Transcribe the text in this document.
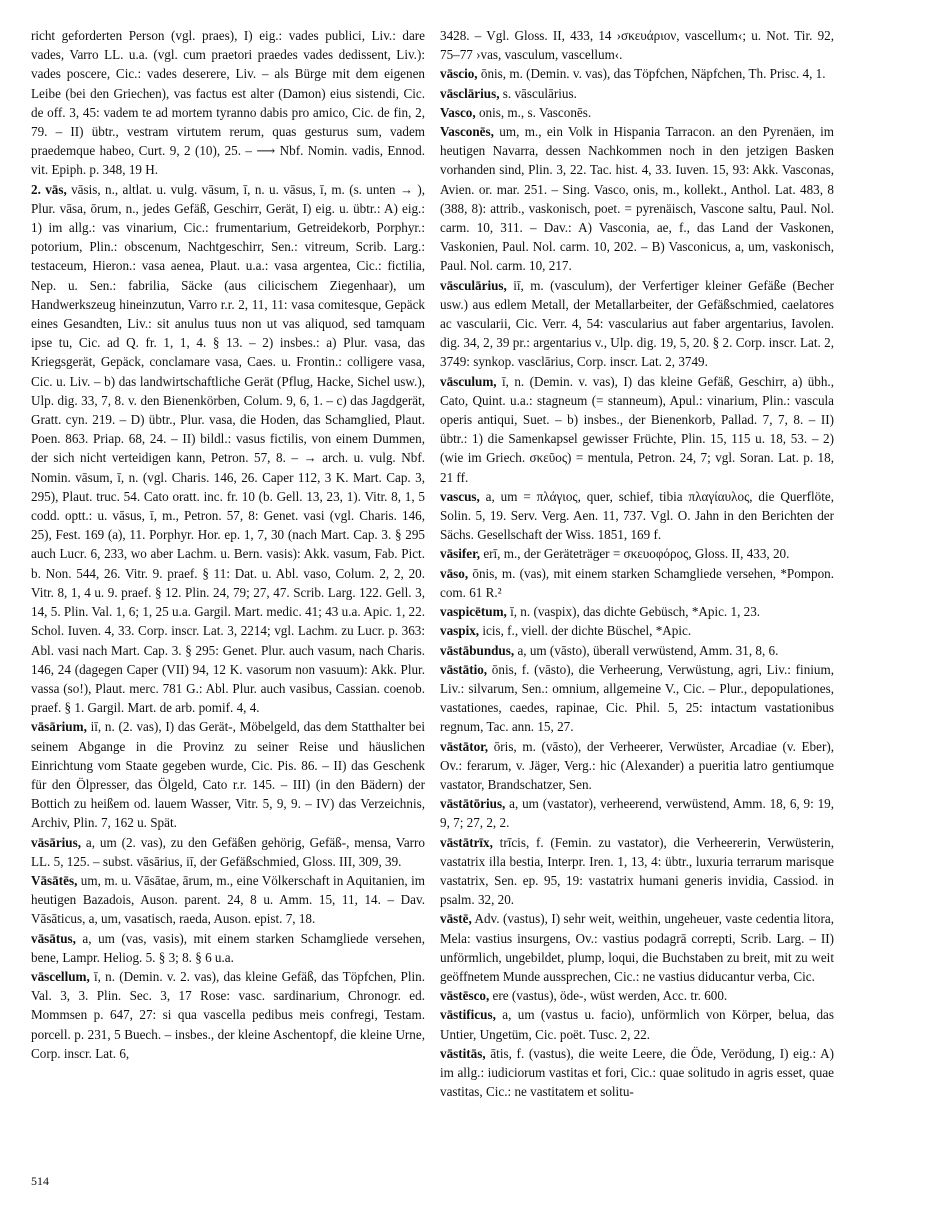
richt geforderten Person (vgl. praes), I) eig.: vades publici, Liv.: dare vades, Varro LL. u.a. (vgl. cum praetori praedes vades dedissent, Liv.): vades poscere, Cic.: vades deserere, Liv. – als Bürge mit dem eigenen Leibe (bei den Griechen), vas factus est alter (Damon) eius sistendi, Cic. de off. 3, 45: vadem te ad mortem tyranno dabis pro amico, Cic. de fin, 2, 79. – II) übtr., vestram virtutem rerum, quas gesturus sum, vadem praedemque habeo, Curt. 9, 2 (10), 25. – ⟶ Nbf. Nomin. vadis, Ennod. vit. Epiph. p. 348, 19 H.

2. vās, vāsis, n., altlat. u. vulg. vāsum, ī, n. u. vāsus, ī, m. (s. unten → ), Plur. vāsa, ōrum, n., jedes Gefäß, Geschirr, Gerät, I) eig. u. übtr.: A) eig.: 1) im allg.: vas vinarium, Cic.: frumentarium, Getreidekorb, Porphyr.: potorium, Plin.: obscenum, Nachtgeschirr, Sen.: vitreum, Scrib. Larg.: testaceum, Hieron.: vasa aenea, Plaut. u.a.: vasa argentea, Cic.: fictilia, Nep. u. Sen.: fabrilia, Säcke (aus cilicischem Ziegenhaar), um Handwerkszeug hineinzutun, Varro r.r. 2, 11, 11: vasa comitesque, Gepäck eines Gesandten, Liv.: sit anulus tuus non ut vas aliquod, sed tamquam ipse tu, Cic. ad Q. fr. 1, 1, 4. § 13. – 2) insbes.: a) Plur. vasa, das Kriegsgerät, Gepäck, conclamare vasa, Caes. u. Frontin.: colligere vasa, Cic. u. Liv. – b) das landwirtschaftliche Gerät (Pflug, Hacke, Sichel usw.), Ulp. dig. 33, 7, 8. v. den Bienenkörben, Colum. 9, 6, 1. – c) das Jagdgerät, Gratt. cyn. 219. – D) übtr., Plur. vasa, die Hoden, das Schamglied, Plaut. Poen. 863. Priap. 68, 24. – II) bildl.: vasus fictilis, von einem Dummen, der sich nicht verteidigen kann, Petron. 57, 8. – → arch. u. vulg. Nbf. Nomin. vāsum, ī, n. (vgl. Charis. 146, 26. Caper 112, 3 K. Mart. Cap. 3, 295), Plaut. truc. 54. Cato oratt. inc. fr. 10 (b. Gell. 13, 23, 1). Vitr. 8, 1, 5 codd. optt.: u. vāsus, ī, m., Petron. 57, 8: Genet. vasi (vgl. Charis. 146, 25), Fest. 169 (a), 11. Porphyr. Hor. ep. 1, 7, 30 (nach Mart. Cap. 3. § 295 auch Lucr. 6, 233, wo aber Lachm. u. Bern. vasis): Akk. vasum, Fab. Pict. b. Non. 544, 26. Vitr. 9. praef. § 11: Dat. u. Abl. vaso, Colum. 2, 2, 20. Vitr. 8, 1, 4 u. 9. praef. § 12. Plin. 24, 79; 27, 47. Scrib. Larg. 122. Gell. 3, 14, 5. Plin. Val. 1, 6; 1, 25 u.a. Gargil. Mart. medic. 41; 43 u.a. Apic. 1, 22. Schol. Iuven. 4, 33. Corp. inscr. Lat. 3, 2214; vgl. Lachm. zu Lucr. p. 363: Abl. vasi nach Mart. Cap. 3. § 295: Genet. Plur. auch vasum, nach Charis. 146, 24 (dagegen Caper (VII) 94, 12 K. vasorum non vasuum): Akk. Plur. vassa (so!), Plaut. merc. 781 G.: Abl. Plur. auch vasibus, Cassian. coenob. praef. § 1. Gargil. Mart. de arb. pomif. 4, 4.

vāsārium, iī, n. (2. vas), I) das Gerät-, Möbelgeld, das dem Statthalter bei seinem Abgange in die Provinz zu seiner Reise und häuslichen Einrichtung vom Staate gegeben wurde, Cic. Pis. 86. – II) das Geschenk für den Ölpresser, das Ölgeld, Cato r.r. 145. – III) (in den Bädern) der Bottich zu heißem od. lauem Wasser, Vitr. 5, 9, 9. – IV) das Verzeichnis, Archiv, Plin. 7, 162 u. Spät.

vāsārius, a, um (2. vas), zu den Gefäßen gehörig, Gefäß-, mensa, Varro LL. 5, 125. – subst. vāsārius, iī, der Gefäßschmied, Gloss. III, 309, 39.

Vāsātēs, um, m. u. Vāsātae, ārum, m., eine Völkerschaft in Aquitanien, im heutigen Bazadois, Auson. parent. 24, 8 u. Amm. 15, 11, 14. – Dav. Vāsāticus, a, um, vasatisch, raeda, Auson. epist. 7, 18.

vāsātus, a, um (vas, vasis), mit einem starken Schamgliede versehen, bene, Lampr. Heliog. 5. § 3; 8. § 6 u.a.

vāscellum, ī, n. (Demin. v. 2. vas), das kleine Gefäß, das Töpfchen, Plin. Val. 3, 3. Plin. Sec. 3, 17 Rose: vasc. sardinarium, Chronogr. ed. Mommsen p. 647, 27: si qua vascella pedibus meis confregi, Testam. porcell. p. 231, 5 Buech. – insbes., der kleine Aschentopf, die kleine Urne, Corp. inscr. Lat. 6,

3428. – Vgl. Gloss. II, 433, 14 ›σκευάριον, vascellum‹; u. Not. Tir. 92, 75–77 ›vas, vasculum, vascellum‹.

vāscio, ōnis, m. (Demin. v. vas), das Töpfchen, Näpfchen, Th. Prisc. 4, 1.

vāsclārius, s. vāsculārius.

Vasco, onis, m., s. Vasconēs.

Vasconēs, um, m., ein Volk in Hispania Tarracon. an den Pyrenäen, im heutigen Navarra, dessen Nachkommen noch in den jetzigen Basken vorhanden sind, Plin. 3, 22. Tac. hist. 4, 33. Iuven. 15, 93: Akk. Vasconas, Avien. or. mar. 251. – Sing. Vasco, onis, m., kollekt., Anthol. Lat. 483, 8 (388, 8): attrib., vaskonisch, poet. = pyrenäisch, Vascone saltu, Paul. Nol. carm. 10, 311. – Dav.: A) Vasconia, ae, f., das Land der Vaskonen, Vaskonien, Paul. Nol. carm. 10, 202. – B) Vasconicus, a, um, vaskonisch, Paul. Nol. carm. 10, 217.

vāsculārius, iī, m. (vasculum), der Verfertiger kleiner Gefäße (Becher usw.) aus edlem Metall, der Metallarbeiter, der Gefäßschmied, caelatores ac vascularii, Cic. Verr. 4, 54: vascularius aut faber argentarius, Iavolen. dig. 34, 2, 39 pr.: argentarius v., Ulp. dig. 19, 5, 20. § 2. Corp. inscr. Lat. 2, 3749: synkop. vasclārius, Corp. inscr. Lat. 2, 3749.

vāsculum, ī, n. (Demin. v. vas), I) das kleine Gefäß, Geschirr, a) übh., Cato, Quint. u.a.: stagneum (= stanneum), Apul.: vinarium, Plin.: vascula operis antiqui, Suet. – b) insbes., der Bienenkorb, Pallad. 7, 7, 8. – II) übtr.: 1) die Samenkapsel gewisser Früchte, Plin. 15, 115 u. 18, 53. – 2) (wie im Griech. σκεῦος) = mentula, Petron. 24, 7; vgl. Soran. Lat. p. 18, 21 ff.

vascus, a, um = πλάγιος, quer, schief, tibia πλαγίαυλος, die Querflöte, Solin. 5, 19. Serv. Verg. Aen. 11, 737. Vgl. O. Jahn in den Berichten der Sächs. Gesellschaft der Wiss. 1851, 169 f.

vāsifer, erī, m., der Geräteträger = σκευοφόρος, Gloss. II, 433, 20.

vāso, ōnis, m. (vas), mit einem starken Schamgliede versehen, *Pompon. com. 61 R.²

vaspicētum, ī, n. (vaspix), das dichte Gebüsch, *Apic. 1, 23.

vaspix, icis, f., viell. der dichte Büschel, *Apic.

vāstābundus, a, um (vāsto), überall verwüstend, Amm. 31, 8, 6.

vāstātio, ōnis, f. (vāsto), die Verheerung, Verwüstung, agri, Liv.: finium, Liv.: silvarum, Sen.: omnium, allgemeine V., Cic. – Plur., depopulationes, vastationes, caedes, rapinae, Cic. Phil. 5, 25: intactum vastationibus regnum, Tac. ann. 15, 27.

vāstātor, ōris, m. (vāsto), der Verheerer, Verwüster, Arcadiae (v. Eber), Ov.: ferarum, v. Jäger, Verg.: hic (Alexander) a pueritia latro gentiumque vastator, Brandschatzer, Sen.

vāstātōrius, a, um (vastator), verheerend, verwüstend, Amm. 18, 6, 9: 19, 9, 7; 27, 2, 2.

vāstātrīx, trīcis, f. (Femin. zu vastator), die Verheererin, Verwüsterin, vastatrix illa bestia, Interpr. Iren. 1, 13, 4: übtr., luxuria terrarum marisque vastatrix, Sen. ep. 95, 19: vastatrix humani generis invidia, Cassiod. in psalm. 32, 20.

vāstē, Adv. (vastus), I) sehr weit, weithin, ungeheuer, vaste cedentia litora, Mela: vastius insurgens, Ov.: vastius podagrā correpti, Scrib. Larg. – II) unförmlich, ungebildet, plump, loqui, die Buchstaben zu breit, mit zu weit geöffnetem Munde aussprechen, Cic.: ne vastius diducantur verba, Cic.

vāstēsco, ere (vastus), öde-, wüst werden, Acc. tr. 600.

vāstificus, a, um (vastus u. facio), unförmlich von Körper, belua, das Untier, Ungetüm, Cic. poët. Tusc. 2, 22.

vāstitās, ātis, f. (vastus), die weite Leere, die Öde, Verödung, I) eig.: A) im allg.: iudiciorum vastitas et fori, Cic.: quae solitudo in agris esset, quae vastitas, Cic.: ne vastitatem et solitu-

514
